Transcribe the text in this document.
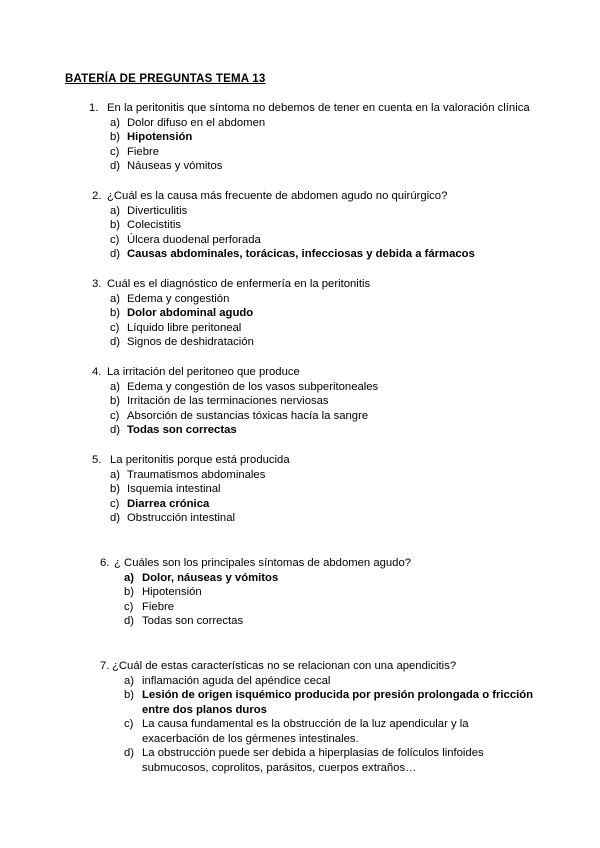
BATERÍA DE PREGUNTAS TEMA 13
1. En la peritonitis que síntoma no debemos de tener en cuenta en la valoración clínica
a) Dolor difuso en el abdomen
b) Hipotensión
c) Fiebre
d) Náuseas y vómitos
2. ¿Cuál es la causa más frecuente de abdomen agudo no quirúrgico?
a) Diverticulitis
b) Colecistitis
c) Úlcera duodenal perforada
d) Causas abdominales, torácicas, infecciosas y debida a fármacos
3. Cuál es el diagnóstico de enfermería en la peritonitis
a) Edema y congestión
b) Dolor abdominal agudo
c) Líquido libre peritoneal
d) Signos de deshidratación
4. La irritación del peritoneo que produce
a) Edema y congestión de los vasos subperitoneales
b) Irritación de las terminaciones nerviosas
c) Absorción de sustancias tóxicas hacía la sangre
d) Todas son correctas
5. La peritonitis porque está producida
a) Traumatismos abdominales
b) Isquemia intestinal
c) Diarrea crónica
d) Obstrucción intestinal
6. ¿ Cuáles son los principales síntomas de abdomen agudo?
a) Dolor, náuseas y vómitos
b) Hipotensión
c) Fiebre
d) Todas son correctas
7. ¿Cuál de estas características no se relacionan con una apendicitis?
a) inflamación aguda del apéndice cecal
b) Lesión de origen isquémico producida por presión prolongada o fricción entre dos planos duros
c) La causa fundamental es la obstrucción de la luz apendicular y la exacerbación de los gérmenes intestinales.
d) La obstrucción puede ser debida a hiperplasias de folículos linfoides submucosos, coprolitos, parásitos, cuerpos extraños…
